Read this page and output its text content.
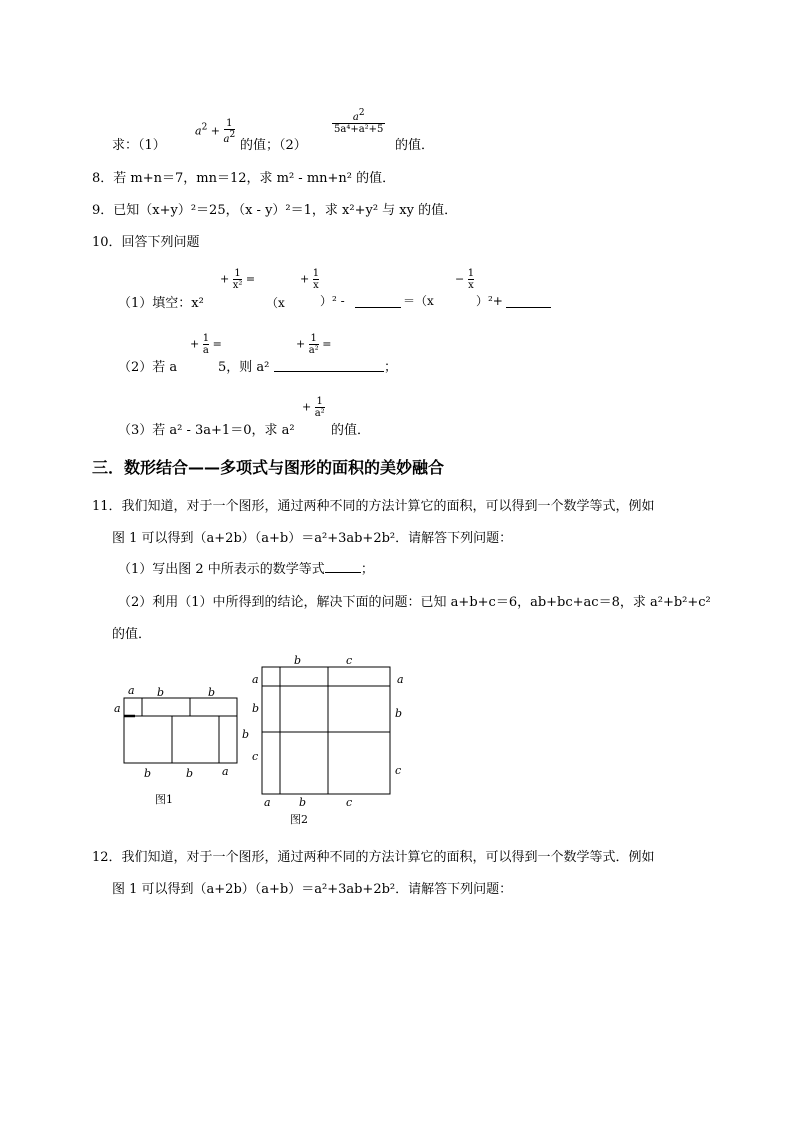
求：（1）
$a^2 + \frac{1}{a2}$
的值；（2）
$\frac{a2}{\text{5a⁴+a²+5}}$
的值．
8．若 m+n＝7，mn＝12，求 m² - mn+n² 的值．
9．已知（x+y）²＝25，（x - y）²＝1，求 x²+y² 与 xy 的值．
10．回答下列问题
（1）填空：x²
+ $\frac{1}{\text{x²}}$ =
（x
+ $\frac{1}{x}$
）² -	＝（x
− $\frac{1}{x}$
）²+
（2）若 a
+ $\frac{1}{a}$ =
5，则 a²	；
+ $\frac{1}{\text{a²}}$ =
（3）若 a² - 3a+1＝0，求 a²
+ $\frac{1}{\text{a²}}$
的值．
三．数形结合——多项式与图形的面积的美妙融合
11．我们知道，对于一个图形，通过两种不同的方法计算它的面积，可以得到一个数学等式，例如
图 1 可以得到（a+2b）（a+b）＝a²+3ab+2b²．请解答下列问题：
（1）写出图 2 中所表示的数学等式	；
（2）利用（1）中所得到的结论，解决下面的问题：已知 a+b+c＝6，ab+bc+ac＝8，求 a²+b²+c²
的值．
a b	b
a
b
b	b	a
图1
b	c
a
b
c
a
b
c
a	b	c
图2
12．我们知道，对于一个图形，通过两种不同的方法计算它的面积，可以得到一个数学等式．例如
图 1 可以得到（a+2b）（a+b）＝a²+3ab+2b²．请解答下列问题：
